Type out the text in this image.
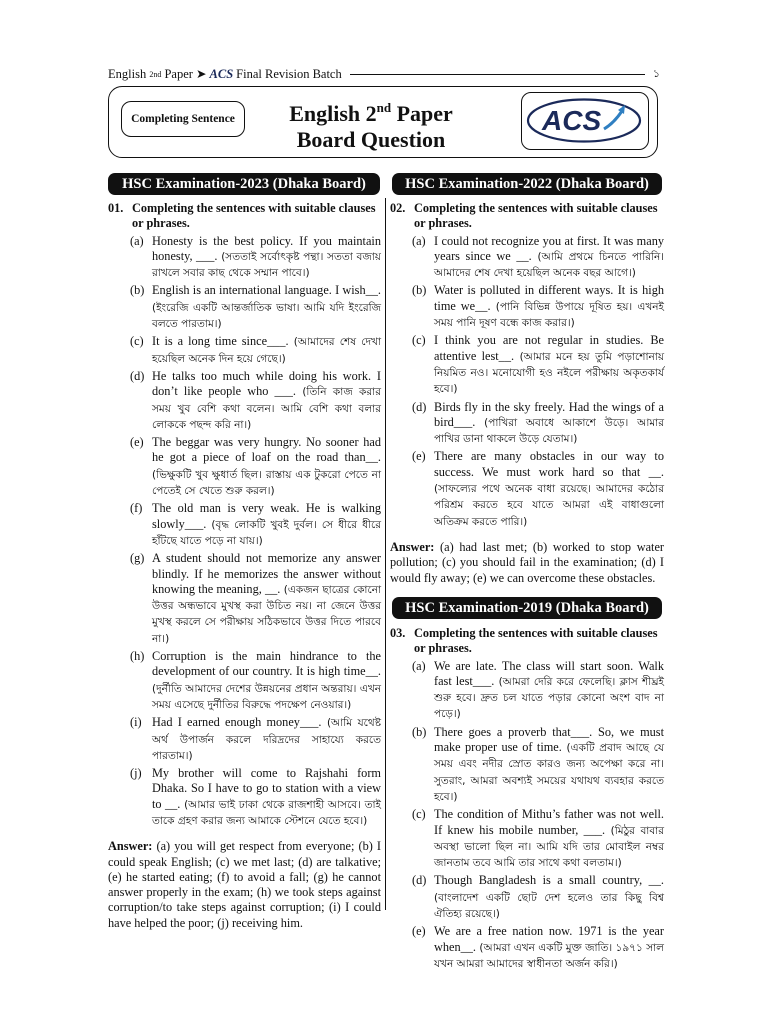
English
2nd
Paper
➤ ACS Final Revision Batch	১
Completing Sentence	English 2nd Paper
Board Question
ACS
HSC Examination-2023 (Dhaka Board)	HSC Examination-2022 (Dhaka Board)
HSC Examination-2019 (Dhaka Board)
01. Completing the sentences with suitable clauses or phrases.
(a) Honesty is the best policy. If you maintain honesty, ___. (সততাই সর্বোৎকৃষ্ট পন্থা। সততা বজায় রাখলে সবার কাছ থেকে সম্মান পাবে।)
(b) English is an international language. I wish__. (ইংরেজি একটি আন্তর্জাতিক ভাষা। আমি যদি ইংরেজি বলতে পারতাম।)
(c) It is a long time since___. (আমাদের শেষ দেখা হয়েছিল অনেক দিন হয়ে গেছে।)
(d) He talks too much while doing his work. I don’t like people who ___. (তিনি কাজ করার সময় খুব বেশি কথা বলেন। আমি বেশি কথা বলার লোককে পছন্দ করি না।)
(e) The beggar was very hungry. No sooner had he got a piece of loaf on the road than__. (ভিক্ষুকটি খুব ক্ষুধার্ত ছিল। রাস্তায় এক টুকরো পেতে না পেতেই সে খেতে শুরু করল।)
(f) The old man is very weak. He is walking slowly___. (বৃদ্ধ লোকটি খুবই দুর্বল। সে ধীরে ধীরে হাঁটছে যাতে পড়ে না যায়।)
(g) A student should not memorize any answer blindly. If he memorizes the answer without knowing the meaning, __. (একজন ছাত্রের কোনো উত্তর অন্ধভাবে মুখস্থ করা উচিত নয়। না জেনে উত্তর মুখস্থ করলে সে পরীক্ষায় সঠিকভাবে উত্তর দিতে পারবে না।)
(h) Corruption is the main hindrance to the development of our country. It is high time__. (দুর্নীতি আমাদের দেশের উন্নয়নের প্রধান অন্তরায়। এখন সময় এসেছে দুর্নীতির বিরুদ্ধে পদক্ষেপ নেওয়ার।)
(i) Had I earned enough money___. (আমি যথেষ্ট অর্থ উপার্জন করলে দরিদ্রদের সাহায্যে করতে পারতাম।)
(j) My brother will come to Rajshahi form Dhaka. So I have to go to station with a view to __. (আমার ভাই ঢাকা থেকে রাজশাহী আসবে। তাই তাকে গ্রহণ করার জন্য আমাকে স্টেশনে যেতে হবে।)
Answer: (a) you will get respect from everyone; (b) I could speak English; (c) we met last; (d) are talkative; (e) he started eating; (f) to avoid a fall; (g) he cannot answer properly in the exam; (h) we took steps against corruption/to take steps against corruption; (i) I could have helped the poor; (j) receiving him.
02. Completing the sentences with suitable clauses or phrases.
(a) I could not recognize you at first. It was many years since we __. (আমি প্রথমে চিনতে পারিনি। আমাদের শেষ দেখা হয়েছিল অনেক বছর আগে।)
(b) Water is polluted in different ways. It is high time we__. (পানি বিভিন্ন উপায়ে দূষিত হয়। এখনই সময় পানি দূষণ বন্ধে কাজ করার।)
(c) I think you are not regular in studies. Be attentive lest__. (আমার মনে হয় তুমি পড়াশোনায় নিয়মিত নও। মনোযোগী হও নইলে পরীক্ষায় অকৃতকার্য হবে।)
(d) Birds fly in the sky freely. Had the wings of a bird___. (পাখিরা অবাধে আকাশে উড়ে। আমার পাখির ডানা থাকলে উড়ে যেতাম।)
(e) There are many obstacles in our way to success. We must work hard so that __. (সাফল্যের পথে অনেক বাধা রয়েছে। আমাদের কঠোর পরিশ্রম করতে হবে যাতে আমরা এই বাধাগুলো অতিক্রম করতে পারি।)
Answer: (a) had last met; (b) worked to stop water pollution; (c) you should fail in the examination; (d) I would fly away; (e) we can overcome these obstacles.
03. Completing the sentences with suitable clauses or phrases.
(a) We are late. The class will start soon. Walk fast lest___. (আমরা দেরি করে ফেলেছি। ক্লাস শীঘ্রই শুরু হবে। দ্রুত চল যাতে পড়ার কোনো অংশ বাদ না পড়ে।)
(b) There goes a proverb that___. So, we must make proper use of time. (একটি প্রবাদ আছে যে সময় এবং নদীর স্রোত কারও জন্য অপেক্ষা করে না। সুতরাং, আমরা অবশ্যই সময়ের যথাযথ ব্যবহার করতে হবে।)
(c) The condition of Mithu’s father was not well. If knew his mobile number, ___. (মিঠুর বাবার অবস্থা ভালো ছিল না। আমি যদি তার মোবাইল নম্বর জানতাম তবে আমি তার সাথে কথা বলতাম।)
(d) Though Bangladesh is a small country, __. (বাংলাদেশ একটি ছোট দেশ হলেও তার কিছু বিশ্ব ঐতিহ্য রয়েছে।)
(e) We are a free nation now. 1971 is the year when__. (আমরা এখন একটি মুক্ত জাতি। ১৯৭১ সাল যখন আমরা আমাদের স্বাধীনতা অর্জন করি।)
